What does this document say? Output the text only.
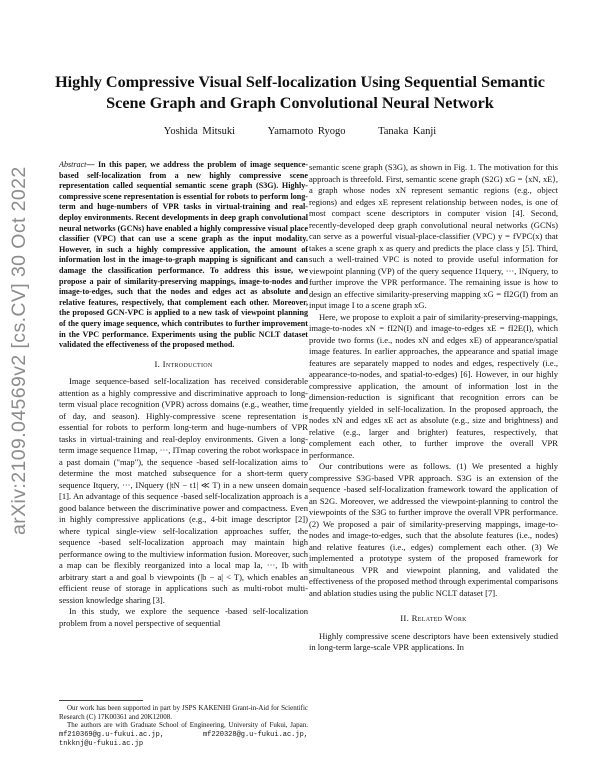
Highly Compressive Visual Self-localization Using Sequential Semantic Scene Graph and Graph Convolutional Neural Network
Yoshida Mitsuki	Yamamoto Ryogo	Tanaka Kanji
arXiv:2109.04569v2 [cs.CV] 30 Oct 2022
Abstract— In this paper, we address the problem of image sequence-based self-localization from a new highly compressive scene representation called sequential semantic scene graph (S3G). Highly-compressive scene representation is essential for robots to perform long-term and huge-numbers of VPR tasks in virtual-training and real-deploy environments. Recent developments in deep graph convolutional neural networks (GCNs) have enabled a highly compressive visual place classifier (VPC) that can use a scene graph as the input modality. However, in such a highly compressive application, the amount of information lost in the image-to-graph mapping is significant and can damage the classification performance. To address this issue, we propose a pair of similarity-preserving mappings, image-to-nodes and image-to-edges, such that the nodes and edges act as absolute and relative features, respectively, that complement each other. Moreover, the proposed GCN-VPC is applied to a new task of viewpoint planning of the query image sequence, which contributes to further improvement in the VPC performance. Experiments using the public NCLT dataset validated the effectiveness of the proposed method.
I. Introduction

Image sequence-based self-localization has received considerable attention as a highly compressive and discriminative approach to long-term visual place recognition (VPR) across domains (e.g., weather, time of day, and season). Highly-compressive scene representation is essential for robots to perform long-term and huge-numbers of VPR tasks in virtual-training and real-deploy environments. Given a long-term image sequence I1map, ···, ITmap covering the robot workspace in a past domain ("map"), the sequence -based self-localization aims to determine the most matched subsequence for a short-term query sequence Itquery, ···, INquery (|tN − t1| ≪ T) in a new unseen domain [1]. An advantage of this sequence -based self-localization approach is a good balance between the discriminative power and compactness. Even in highly compressive applications (e.g., 4-bit image descriptor [2]) where typical single-view self-localization approaches suffer, the sequence -based self-localization approach may maintain high performance owing to the multiview information fusion. Moreover, such a map can be flexibly reorganized into a local map Ia, ···, Ib with arbitrary start a and goal b viewpoints (|b − a| < T), which enables an efficient reuse of storage in applications such as multi-robot multi-session knowledge sharing [3].

In this study, we explore the sequence -based self-localization problem from a novel perspective of sequential

semantic scene graph (S3G), as shown in Fig. 1. The motivation for this approach is threefold. First, semantic scene graph (S2G) xG = ⟨xN, xE⟩, a graph whose nodes xN represent semantic regions (e.g., object regions) and edges xE represent relationship between nodes, is one of most compact scene descriptors in computer vision [4]. Second, recently-developed deep graph convolutional neural networks (GCNs) can serve as a powerful visual-place-classifier (VPC) y = fVPC(x) that takes a scene graph x as query and predicts the place class y [5]. Third, such a well-trained VPC is noted to provide useful information for viewpoint planning (VP) of the query sequence I1query, ···, INquery, to further improve the VPR performance. The remaining issue is how to design an effective similarity-preserving mapping xG = fI2G(I) from an input image I to a scene graph xG.

Here, we propose to exploit a pair of similarity-preserving-mappings, image-to-nodes xN = fI2N(I) and image-to-edges xE = fI2E(I), which provide two forms (i.e., nodes xN and edges xE) of appearance/spatial image features. In earlier approaches, the appearance and spatial image features are separately mapped to nodes and edges, respectively (i.e., appearance-to-nodes, and spatial-to-edges) [6]. However, in our highly compressive application, the amount of information lost in the dimension-reduction is significant that recognition errors can be frequently yielded in self-localization. In the proposed approach, the nodes xN and edges xE act as absolute (e.g., size and brightness) and relative (e.g., larger and brighter) features, respectively, that complement each other, to further improve the overall VPR performance.

Our contributions were as follows. (1) We presented a highly compressive S3G-based VPR approach. S3G is an extension of the sequence -based self-localization framework toward the application of an S2G. Moreover, we addressed the viewpoint-planning to control the viewpoints of the S3G to further improve the overall VPR performance. (2) We proposed a pair of similarity-preserving mappings, image-to-nodes and image-to-edges, such that the absolute features (i.e., nodes) and relative features (i.e., edges) complement each other. (3) We implemented a prototype system of the proposed framework for simultaneous VPR and viewpoint planning, and validated the effectiveness of the proposed method through experimental comparisons and ablation studies using the public NCLT dataset [7].

II. Related Work

Highly compressive scene descriptors have been extensively studied in long-term large-scale VPR applications. In

Our work has been supported in part by JSPS KAKENHI Grant-in-Aid for Scientific Research (C) 17K00361 and 20K12008.

The authors are with Graduate School of Engineering, University of Fukui, Japan. mf210369@g.u-fukui.ac.jp, mf220328@g.u-fukui.ac.jp, tnkknj@u-fukui.ac.jp
